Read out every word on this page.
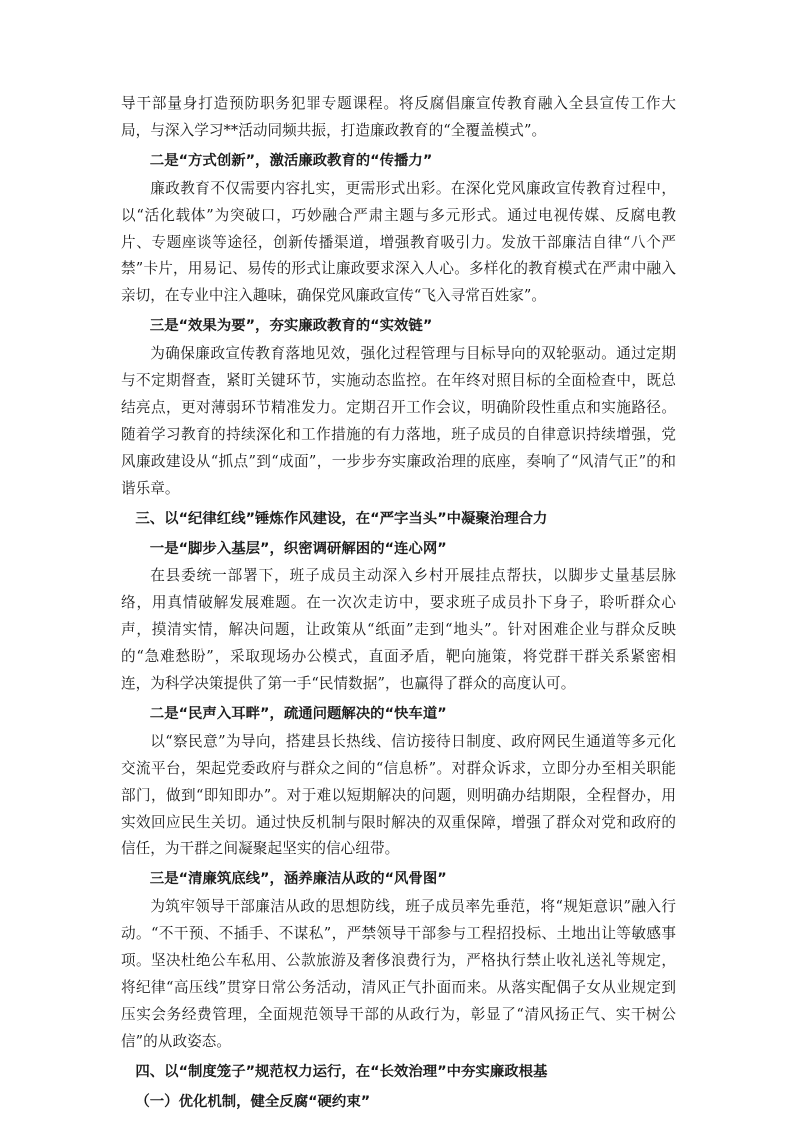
导干部量身打造预防职务犯罪专题课程。将反腐倡廉宣传教育融入全县宣传工作大局，与深入学习**活动同频共振，打造廉政教育的“全覆盖模式”。

二是“方式创新”，激活廉政教育的“传播力”

廉政教育不仅需要内容扎实，更需形式出彩。在深化党风廉政宣传教育过程中，以“活化载体”为突破口，巧妙融合严肃主题与多元形式。通过电视传媒、反腐电教片、专题座谈等途径，创新传播渠道，增强教育吸引力。发放干部廉洁自律“八个严禁”卡片，用易记、易传的形式让廉政要求深入人心。多样化的教育模式在严肃中融入亲切，在专业中注入趣味，确保党风廉政宣传“飞入寻常百姓家”。

三是“效果为要”，夯实廉政教育的“实效链”

为确保廉政宣传教育落地见效，强化过程管理与目标导向的双轮驱动。通过定期与不定期督查，紧盯关键环节，实施动态监控。在年终对照目标的全面检查中，既总结亮点，更对薄弱环节精准发力。定期召开工作会议，明确阶段性重点和实施路径。随着学习教育的持续深化和工作措施的有力落地，班子成员的自律意识持续增强，党风廉政建设从“抓点”到“成面”，一步步夯实廉政治理的底座，奏响了“风清气正”的和谐乐章。

三、以“纪律红线”锤炼作风建设，在“严字当头”中凝聚治理合力

一是“脚步入基层”，织密调研解困的“连心网”

在县委统一部署下，班子成员主动深入乡村开展挂点帮扶，以脚步丈量基层脉络，用真情破解发展难题。在一次次走访中，要求班子成员扑下身子，聆听群众心声，摸清实情，解决问题，让政策从“纸面”走到“地头”。针对困难企业与群众反映的“急难愁盼”，采取现场办公模式，直面矛盾，靶向施策，将党群干群关系紧密相连，为科学决策提供了第一手“民情数据”，也赢得了群众的高度认可。

二是“民声入耳畔”，疏通问题解决的“快车道”

以“察民意”为导向，搭建县长热线、信访接待日制度、政府网民生通道等多元化交流平台，架起党委政府与群众之间的“信息桥”。对群众诉求，立即分办至相关职能部门，做到“即知即办”。对于难以短期解决的问题，则明确办结期限，全程督办，用实效回应民生关切。通过快反机制与限时解决的双重保障，增强了群众对党和政府的信任，为干群之间凝聚起坚实的信心纽带。

三是“清廉筑底线”，涵养廉洁从政的“风骨图”

为筑牢领导干部廉洁从政的思想防线，班子成员率先垂范，将“规矩意识”融入行动。“不干预、不插手、不谋私”，严禁领导干部参与工程招投标、土地出让等敏感事项。坚决杜绝公车私用、公款旅游及奢侈浪费行为，严格执行禁止收礼送礼等规定，将纪律“高压线”贯穿日常公务活动，清风正气扑面而来。从落实配偶子女从业规定到压实会务经费管理，全面规范领导干部的从政行为，彰显了“清风扬正气、实干树公信”的从政姿态。

四、以“制度笼子”规范权力运行，在“长效治理”中夯实廉政根基

（一）优化机制，健全反腐“硬约束”
